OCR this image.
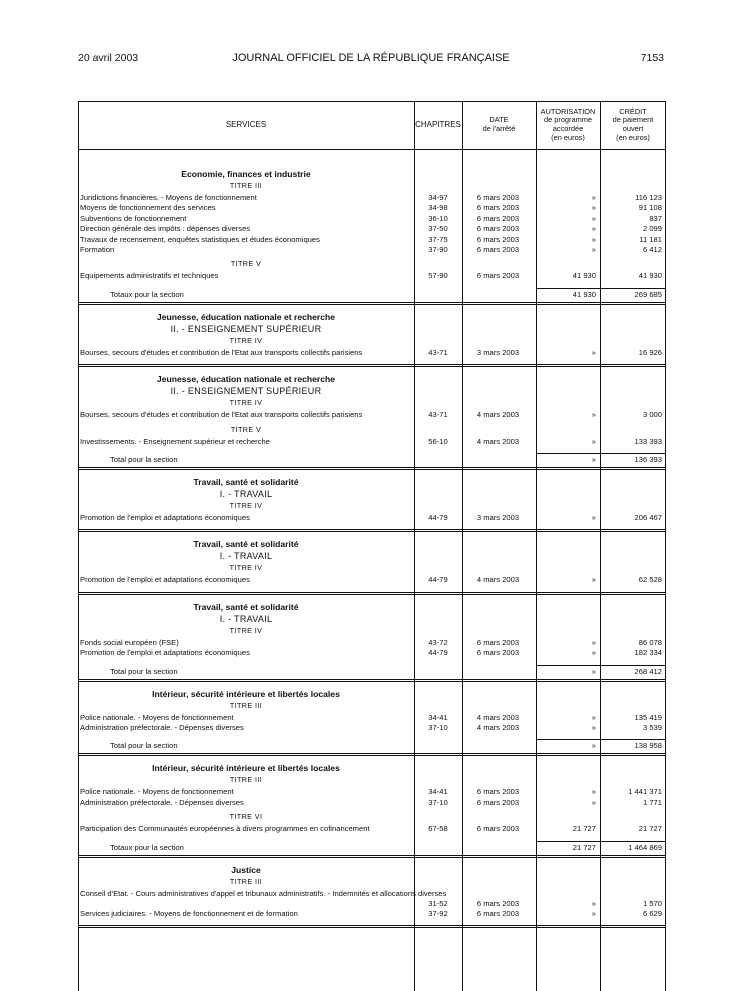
20 avril 2003	JOURNAL OFFICIEL DE LA RÉPUBLIQUE FRANÇAISE	7153
SERVICES	CHAPITRES	DATE
de l'arrêté
AUTORISATION
de programme
accordée
(en euros)
CRÉDIT
de paiement
ouvert
(en euros)
Economie, finances et industrie
TITRE III
Juridictions financières. - Moyens de fonctionnement	34-97	6 mars 2003	»	116 123
Moyens de fonctionnement des services	34-98	6 mars 2003	»	91 108
Subventions de fonctionnement	36-10	6 mars 2003	»	837
Direction générale des impôts : dépenses diverses	37-50	6 mars 2003	»	2 099
Travaux de recensement, enquêtes statistiques et études économiques	37-75	6 mars 2003	»	11 181
Formation	37-90	6 mars 2003	»	6 412
TITRE V
Equipements administratifs et techniques	57-90	6 mars 2003	41 930	41 930
Totaux pour la section	41 930	269 685
Jeunesse, éducation nationale et recherche
II. - ENSEIGNEMENT SUPÉRIEUR
TITRE IV
Bourses, secours d'études et contribution de l'Etat aux transports collectifs parisiens	43-71	3 mars 2003	»	16 926
Jeunesse, éducation nationale et recherche
II. - ENSEIGNEMENT SUPÉRIEUR
TITRE IV
Bourses, secours d'études et contribution de l'Etat aux transports collectifs parisiens	43-71	4 mars 2003	»	3 000
TITRE V
Investissements. - Enseignement supérieur et recherche	56-10	4 mars 2003	»	133 393
Total pour la section	»	136 393
Travail, santé et solidarité
I. - TRAVAIL
TITRE IV
Promotion de l'emploi et adaptations économiques	44-79	3 mars 2003	»	206 467
Travail, santé et solidarité
I. - TRAVAIL
TITRE IV
Promotion de l'emploi et adaptations économiques	44-79	4 mars 2003	»	62 528
Travail, santé et solidarité
I. - TRAVAIL
TITRE IV
Fonds social européen (FSE)	43-72	6 mars 2003	»	86 078
Promotion de l'emploi et adaptations économiques	44-79	6 mars 2003	»	182 334
Total pour la section	»	268 412
Intérieur, sécurité intérieure et libertés locales
TITRE III
Police nationale. - Moyens de fonctionnement	34-41	4 mars 2003	»	135 419
Administration préfectorale. - Dépenses diverses	37-10	4 mars 2003	»	3 539
Total pour la section	»	138 958
Intérieur, sécurité intérieure et libertés locales
TITRE III
Police nationale. - Moyens de fonctionnement	34-41	6 mars 2003	»	1 441 371
Administration préfectorale. - Dépenses diverses	37-10	6 mars 2003	»	1 771
TITRE VI
Participation des Communautés européennes à divers programmes en cofinancement	67-58	6 mars 2003	21 727	21 727
Totaux pour la section	21 727	1 464 869
Justice
TITRE III
Conseil d'Etat. - Cours administratives d'appel et tribunaux administratifs. - Indemnités et allocations diverses
31-52	6 mars 2003	»	1 570
Services judiciaires. - Moyens de fonctionnement et de formation	37-92	6 mars 2003	»	6 629
